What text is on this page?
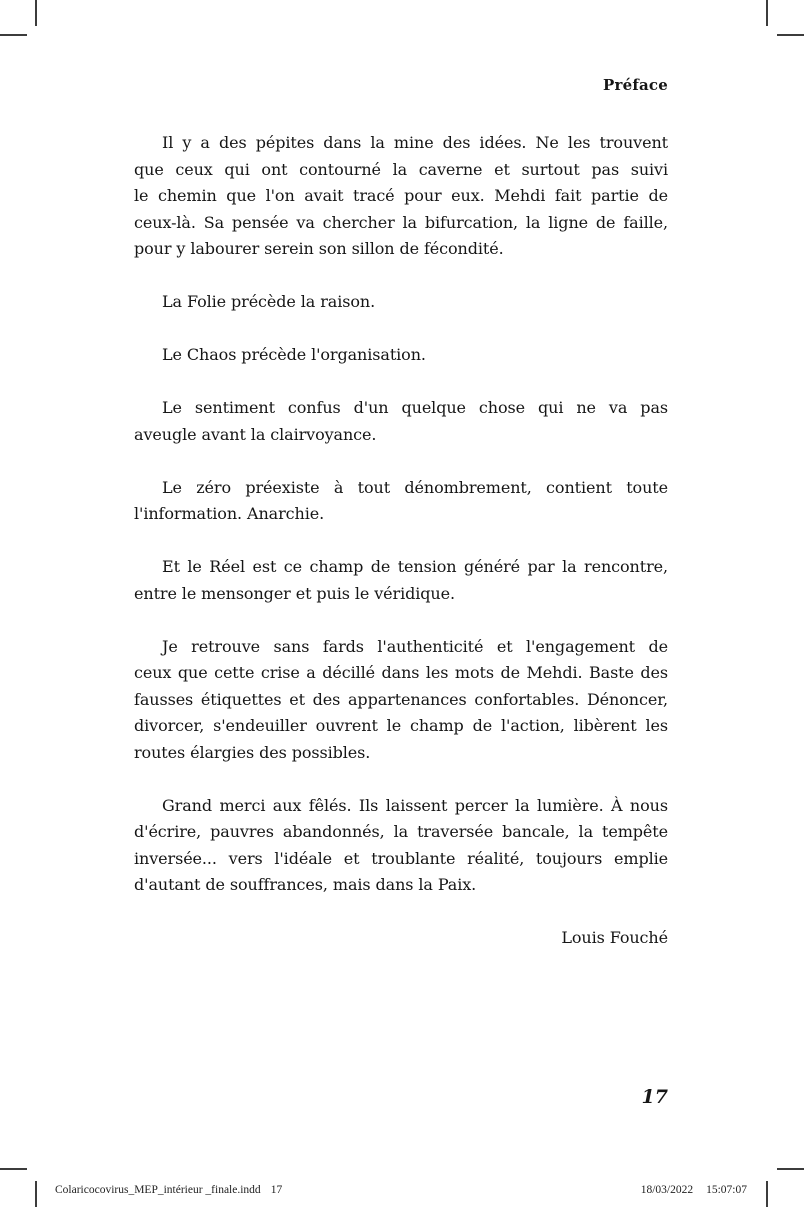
Préface
Il y a des pépites dans la mine des idées. Ne les trouvent
que ceux qui ont contourné la caverne et surtout pas suivi
le chemin que l'on avait tracé pour eux. Mehdi fait partie de
ceux-là. Sa pensée va chercher la bifurcation, la ligne de faille,
pour y labourer serein son sillon de fécondité.
La Folie précède la raison.
Le Chaos précède l'organisation.
Le sentiment confus d'un quelque chose qui ne va pas
aveugle avant la clairvoyance.
Le zéro préexiste à tout dénombrement, contient toute
l'information. Anarchie.
Et le Réel est ce champ de tension généré par la rencontre,
entre le mensonger et puis le véridique.
Je retrouve sans fards l'authenticité et l'engagement de
ceux que cette crise a décillé dans les mots de Mehdi. Baste des
fausses étiquettes et des appartenances confortables. Dénoncer,
divorcer, s'endeuiller ouvrent le champ de l'action, libèrent les
routes élargies des possibles.
Grand merci aux fêlés. Ils laissent percer la lumière. À nous
d'écrire, pauvres abandonnés, la traversée bancale, la tempête
inversée... vers l'idéale et troublante réalité, toujours emplie
d'autant de souffrances, mais dans la Paix.
Louis Fouché
17
Colaricocovirus_MEP_intérieur _finale.indd 17	18/03/2022 15:07:07
